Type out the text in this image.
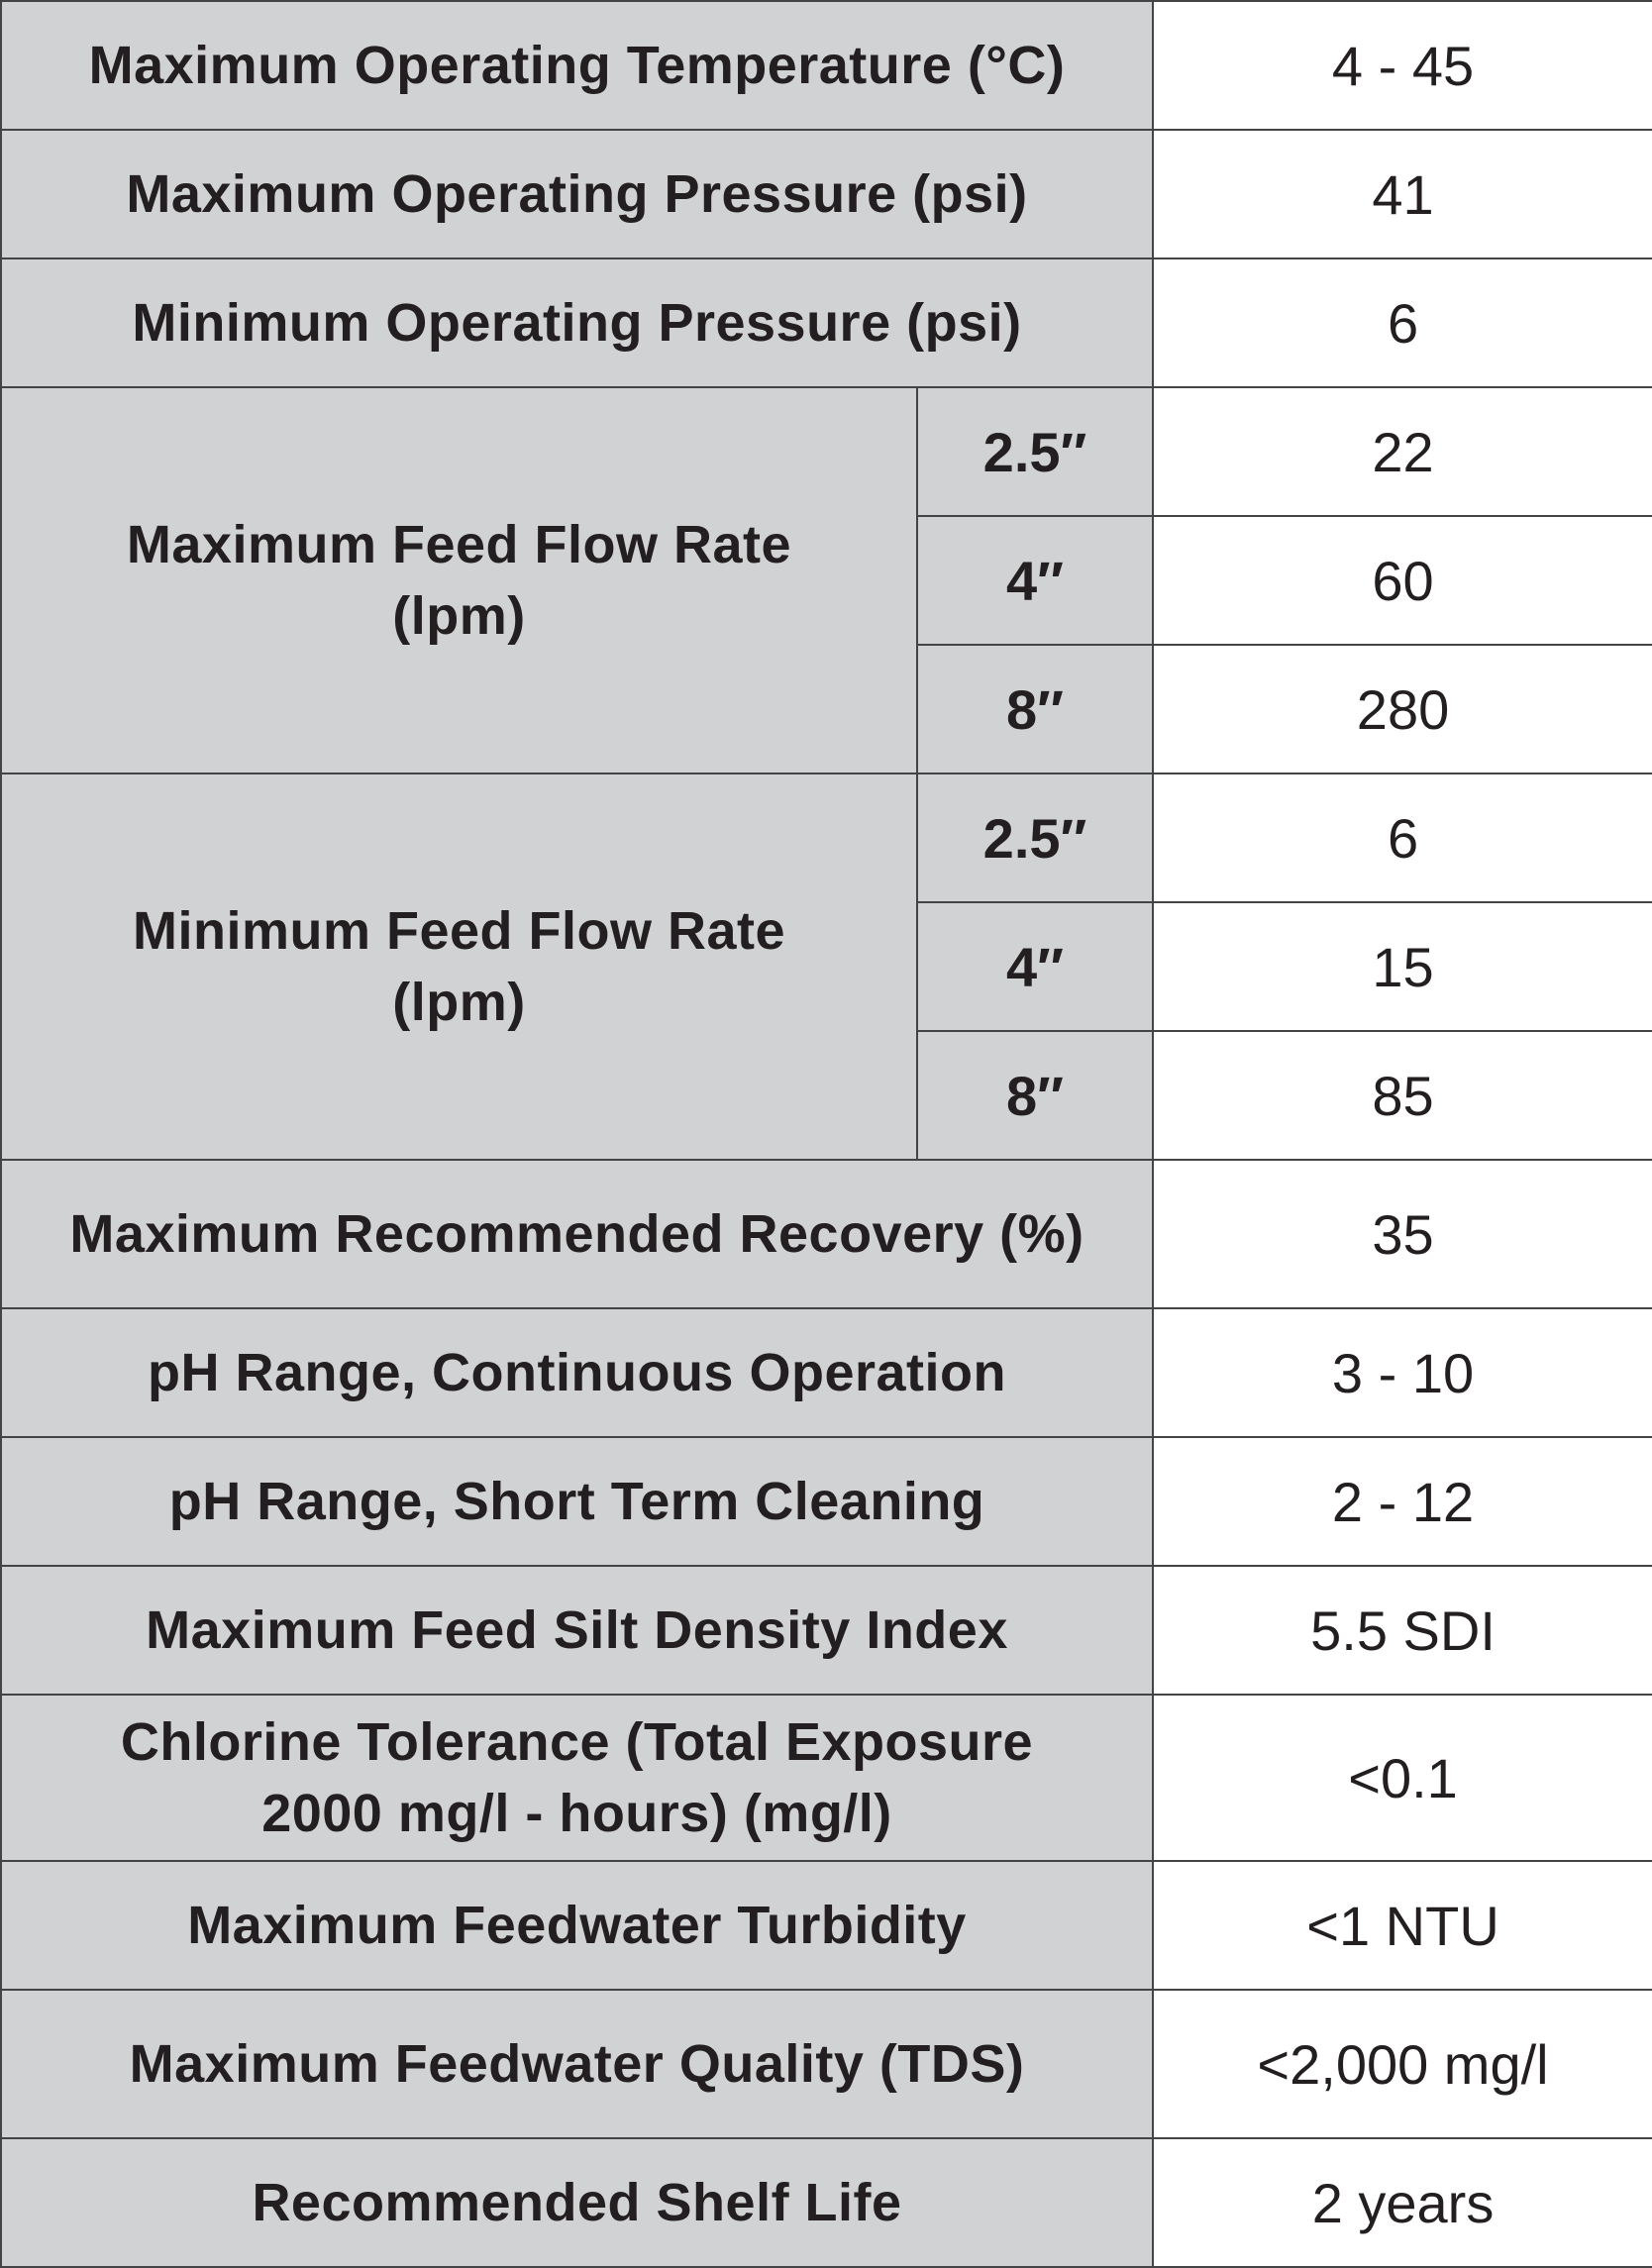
Maximum Operating Temperature (°C)		4 - 45
Maximum Operating Pressure (psi)		41
Minimum Operating Pressure (psi)		6
Maximum Feed Flow Rate (lpm)	2.5″	22
	4″	60
	8″	280
Minimum Feed Flow Rate (lpm)	2.5″	6
	4″	15
	8″	85
Maximum Recommended Recovery (%)		35
pH Range, Continuous Operation		3 - 10
pH Range, Short Term Cleaning		2 - 12
Maximum Feed Silt Density Index		5.5 SDI
Chlorine Tolerance (Total Exposure 2000 mg/l - hours) (mg/l)		<0.1
Maximum Feedwater Turbidity		<1 NTU
Maximum Feedwater Quality (TDS)		<2,000 mg/l
Recommended Shelf Life		2 years
